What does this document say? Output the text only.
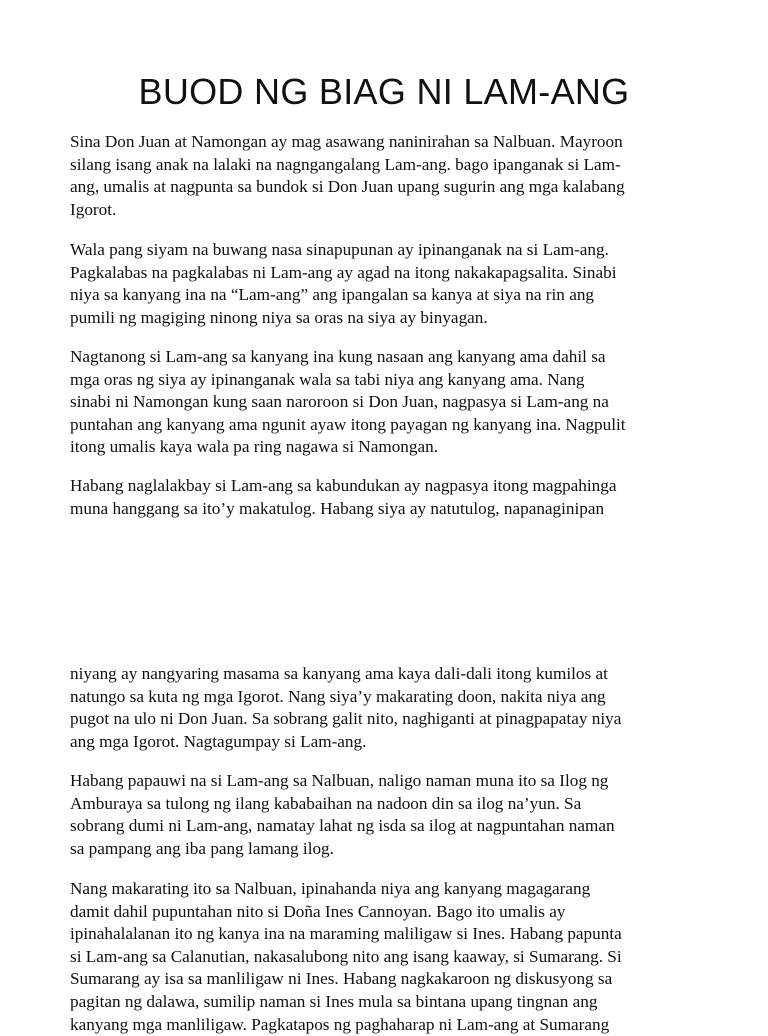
BUOD NG BIAG NI LAM-ANG

Sina Don Juan at Namongan ay mag asawang naninirahan sa Nalbuan. Mayroon
silang isang anak na lalaki na nagngangalang Lam-ang. bago ipanganak si Lam-
ang, umalis at nagpunta sa bundok si Don Juan upang sugurin ang mga kalabang
Igorot.

Wala pang siyam na buwang nasa sinapupunan ay ipinanganak na si Lam-ang.
Pagkalabas na pagkalabas ni Lam-ang ay agad na itong nakakapagsalita. Sinabi
niya sa kanyang ina na “Lam-ang” ang ipangalan sa kanya at siya na rin ang
pumili ng magiging ninong niya sa oras na siya ay binyagan.

Nagtanong si Lam-ang sa kanyang ina kung nasaan ang kanyang ama dahil sa
mga oras ng siya ay ipinanganak wala sa tabi niya ang kanyang ama. Nang
sinabi ni Namongan kung saan naroroon si Don Juan, nagpasya si Lam-ang na
puntahan ang kanyang ama ngunit ayaw itong payagan ng kanyang ina. Nagpulit
itong umalis kaya wala pa ring nagawa si Namongan.

Habang naglalakbay si Lam-ang sa kabundukan ay nagpasya itong magpahinga
muna hanggang sa ito’y makatulog. Habang siya ay natutulog, napanaginipan

niyang ay nangyaring masama sa kanyang ama kaya dali-dali itong kumilos at
natungo sa kuta ng mga Igorot. Nang siya’y makarating doon, nakita niya ang
pugot na ulo ni Don Juan. Sa sobrang galit nito, naghiganti at pinagpapatay niya
ang mga Igorot. Nagtagumpay si Lam-ang.

Habang papauwi na si Lam-ang sa Nalbuan, naligo naman muna ito sa Ilog ng
Amburaya sa tulong ng ilang kababaihan na nadoon din sa ilog na’yun. Sa
sobrang dumi ni Lam-ang, namatay lahat ng isda sa ilog at nagpuntahan naman
sa pampang ang iba pang lamang ilog.

Nang makarating ito sa Nalbuan, ipinahanda niya ang kanyang magagarang
damit dahil pupuntahan nito si Doña Ines Cannoyan. Bago ito umalis ay
ipinahalalanan ito ng kanya ina na maraming maliligaw si Ines. Habang papunta
si Lam-ang sa Calanutian, nakasalubong nito ang isang kaaway, si Sumarang. Si
Sumarang ay isa sa manliligaw ni Ines. Habang nagkakaroon ng diskusyong sa
pagitan ng dalawa, sumilip naman si Ines mula sa bintana upang tingnan ang
kanyang mga manliligaw. Pagkatapos ng paghaharap ni Lam-ang at Sumarang
